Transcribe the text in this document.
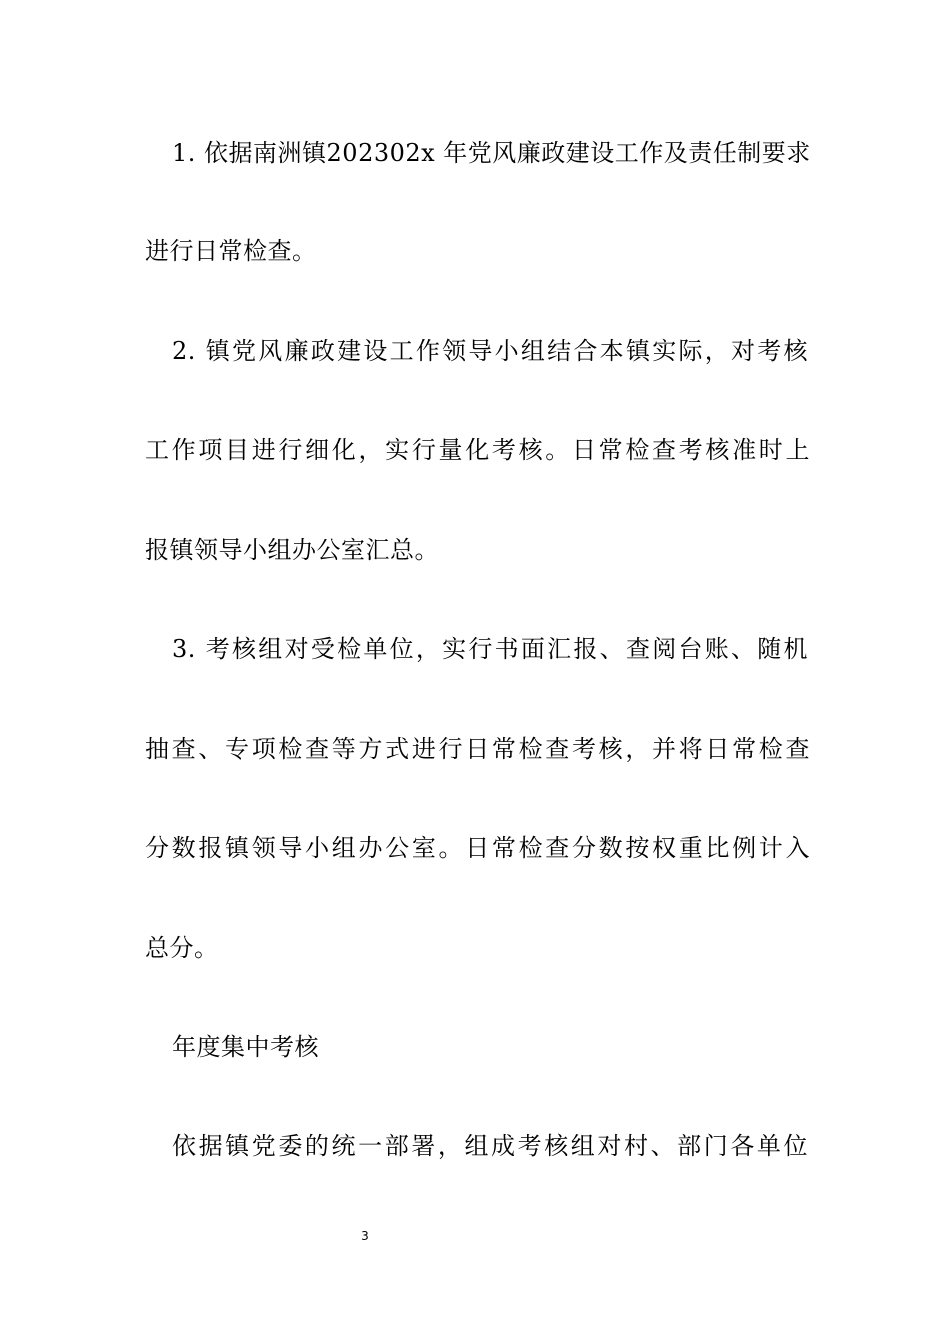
1. 依据南洲镇202302x 年党风廉政建设工作及责任制要求
进行日常检查。
2. 镇党风廉政建设工作领导小组结合本镇实际，对考核
工作项目进行细化，实行量化考核。日常检查考核准时上
报镇领导小组办公室汇总。
3. 考核组对受检单位，实行书面汇报、查阅台账、随机
抽查、专项检查等方式进行日常检查考核，并将日常检查
分数报镇领导小组办公室。日常检查分数按权重比例计入
总分。
年度集中考核
依据镇党委的统一部署，组成考核组对村、部门各单位
3
